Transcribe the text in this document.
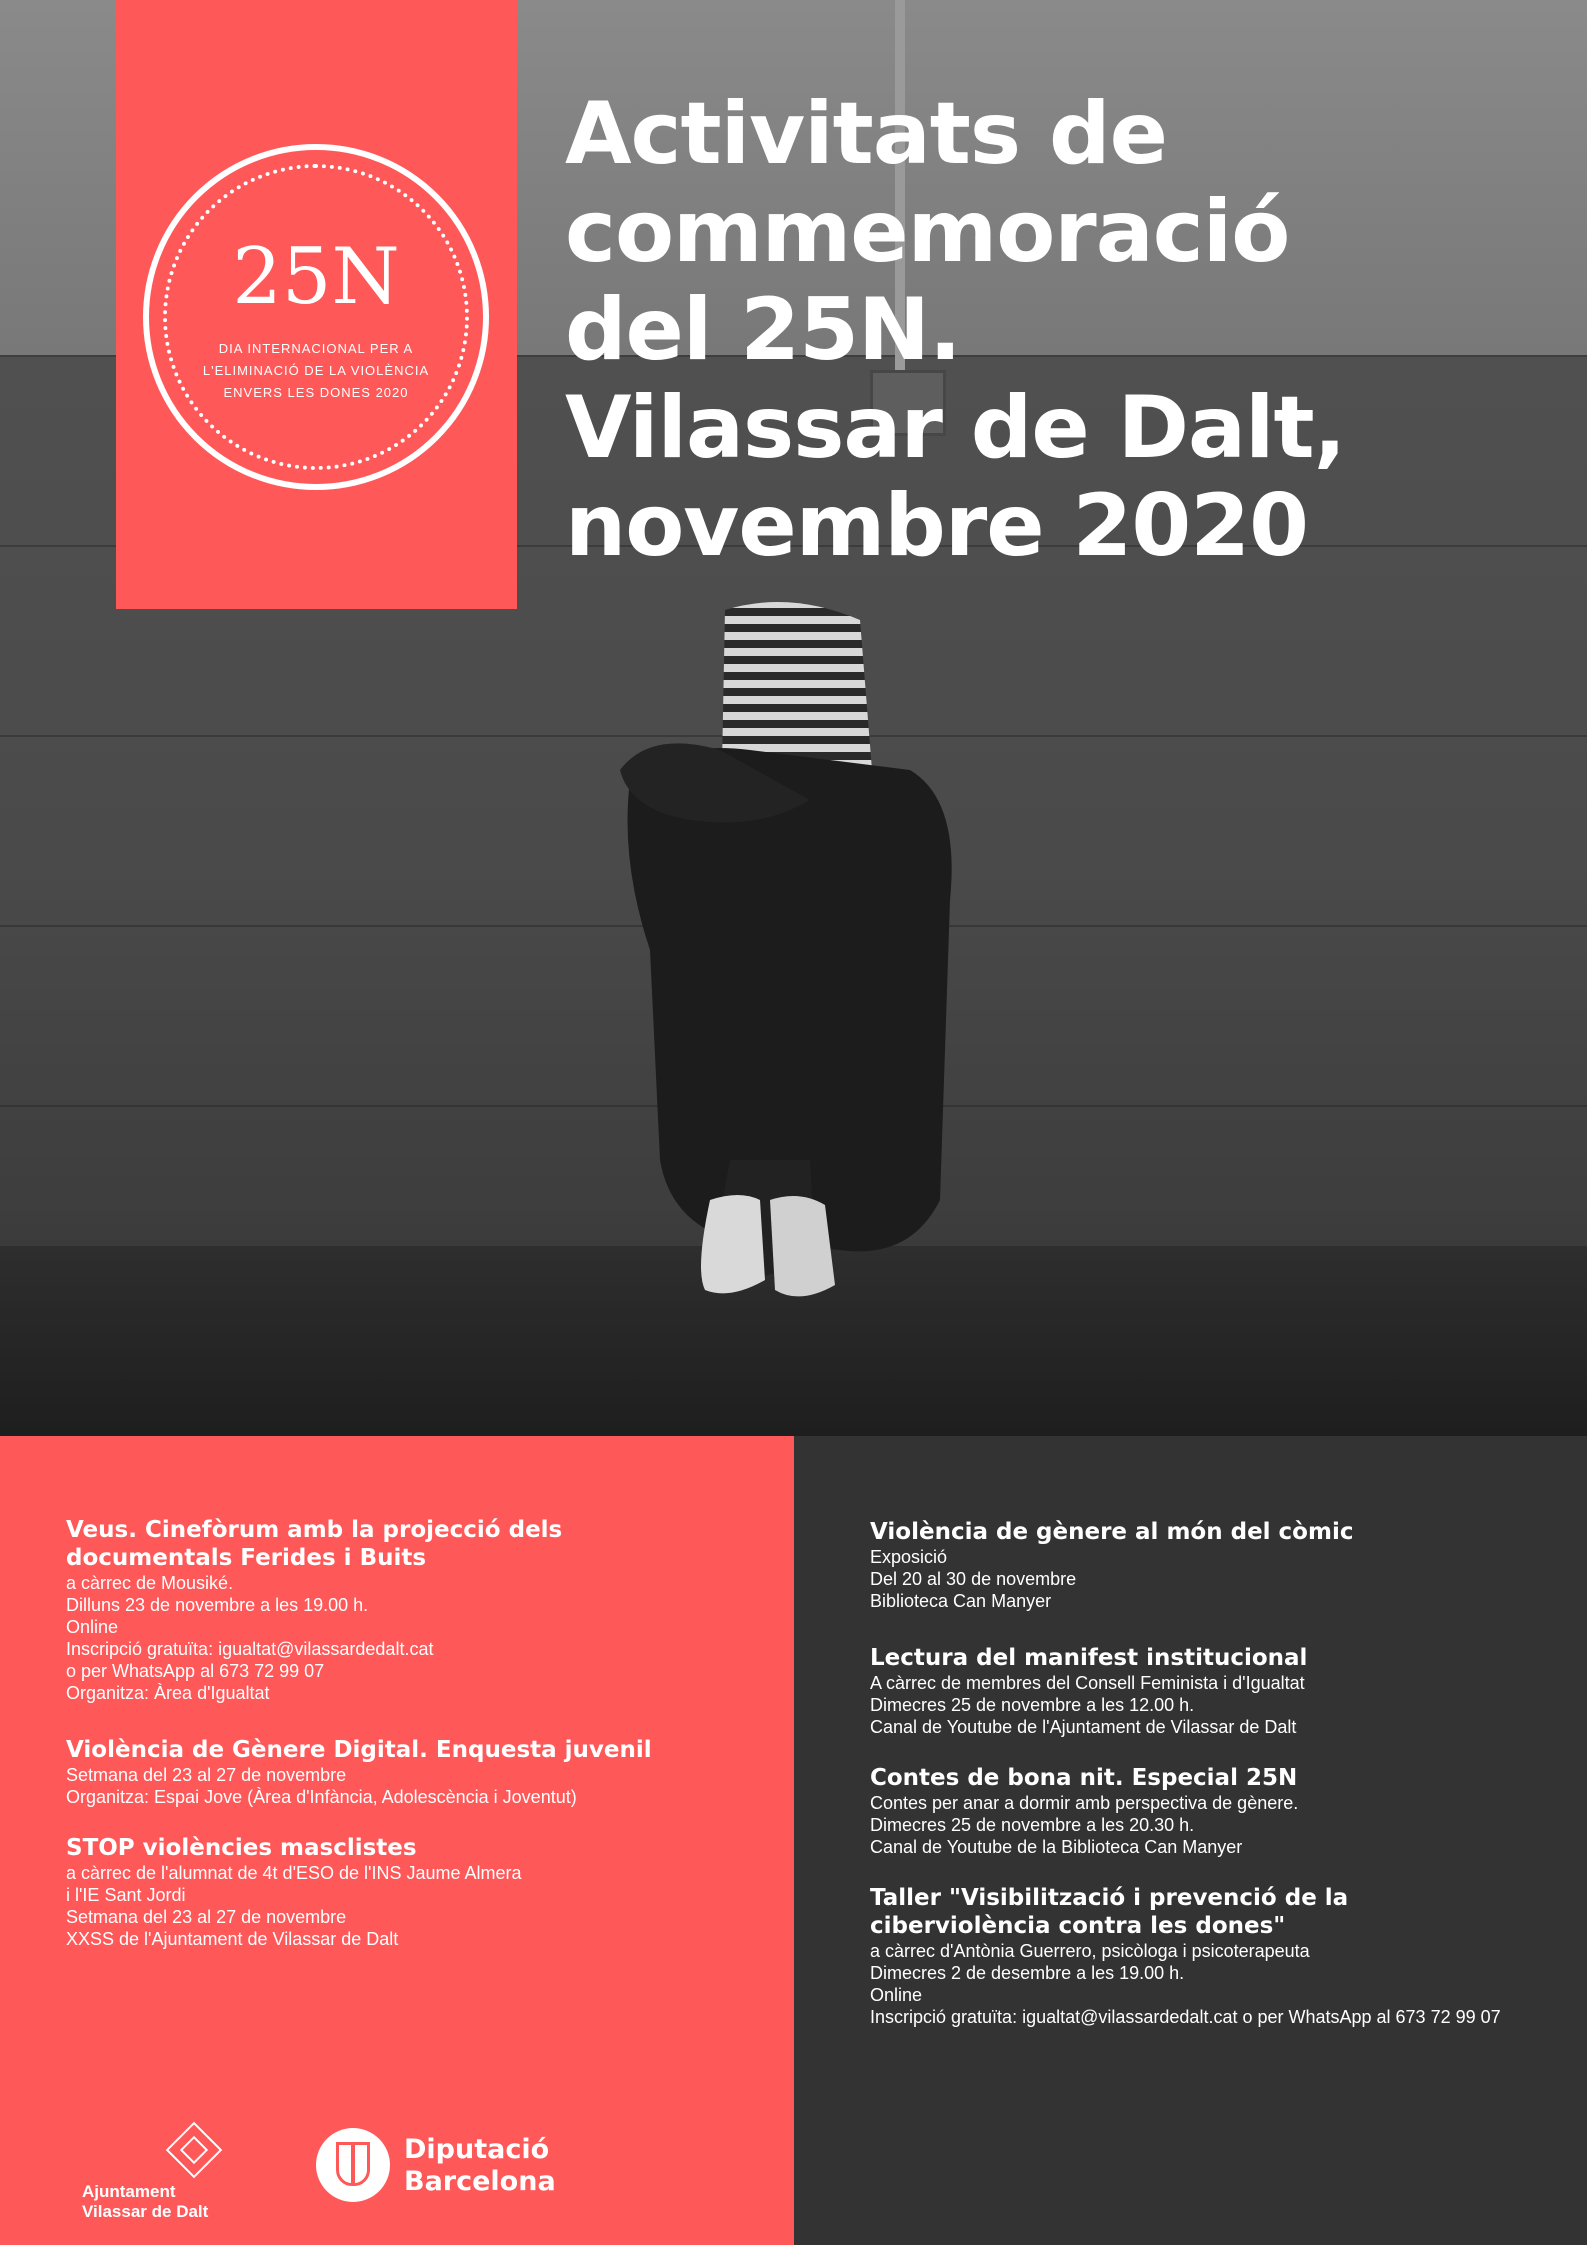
25N
DIA INTERNACIONAL PER A L'ELIMINACIÓ DE LA VIOLÈNCIA ENVERS LES DONES 2020
Activitats de
commemoració
del 25N.
Vilassar de Dalt,
novembre 2020
Veus. Cinefòrum amb la projecció dels documentals Ferides i Buits

a càrrec de Mousiké.

Dilluns 23 de novembre a les 19.00 h.

Online

Inscripció gratuïta: igualtat@vilassardedalt.cat

o per WhatsApp al 673 72 99 07

Organitza: Àrea d'Igualtat

Violència de Gènere Digital. Enquesta juvenil

Setmana del 23 al 27 de novembre

Organitza: Espai Jove (Àrea d'Infància, Adolescència i Joventut)

STOP violències masclistes

a càrrec de l'alumnat de 4t d'ESO de l'INS Jaume Almera

i l'IE Sant Jordi

Setmana del 23 al 27 de novembre

XXSS de l'Ajuntament de Vilassar de Dalt

Violència de gènere al món del còmic

Exposició

Del 20 al 30 de novembre

Biblioteca Can Manyer

Lectura del manifest institucional

A càrrec de membres del Consell Feminista i d'Igualtat

Dimecres 25 de novembre a les 12.00 h.

Canal de Youtube de l'Ajuntament de Vilassar de Dalt

Contes de bona nit. Especial 25N

Contes per anar a dormir amb perspectiva de gènere.

Dimecres 25 de novembre a les 20.30 h.

Canal de Youtube de la Biblioteca Can Manyer

Taller "Visibilització i prevenció de la ciberviolència contra les dones"

a càrrec d'Antònia Guerrero, psicòloga i psicoterapeuta

Dimecres 2 de desembre a les 19.00 h.

Online

Inscripció gratuïta: igualtat@vilassardedalt.cat o per WhatsApp al 673 72 99 07

Ajuntament
Vilassar de Dalt
Diputació
Barcelona
